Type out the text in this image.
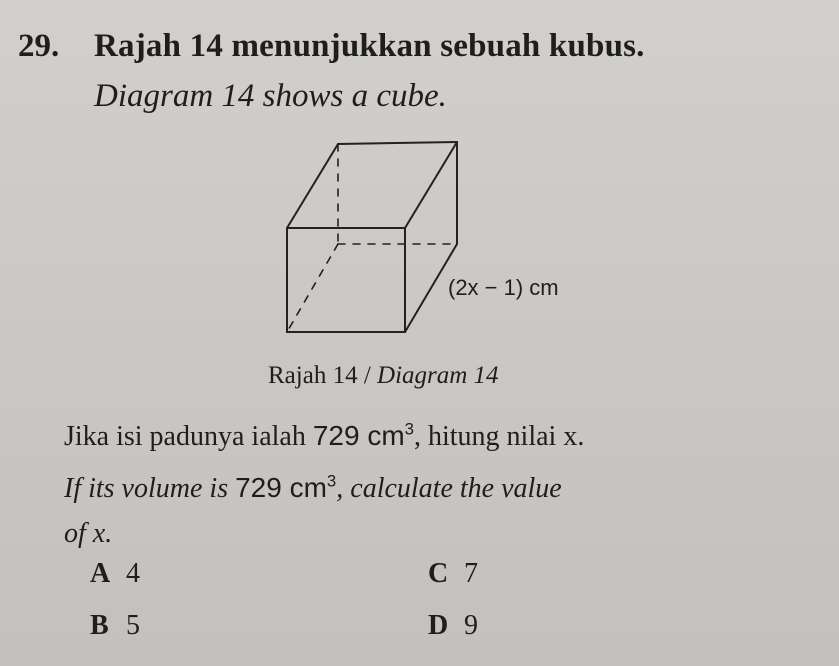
29. Rajah 14 menunjukkan sebuah kubus.
Diagram 14 shows a cube.
(2x − 1) cm
Rajah 14 / Diagram 14
Jika isi padunya ialah 729 $cm^3$, hitung nilai x.
If its volume is 729 $cm^3$, calculate the value
of x.
A 4
B 5
C 7
D 9
